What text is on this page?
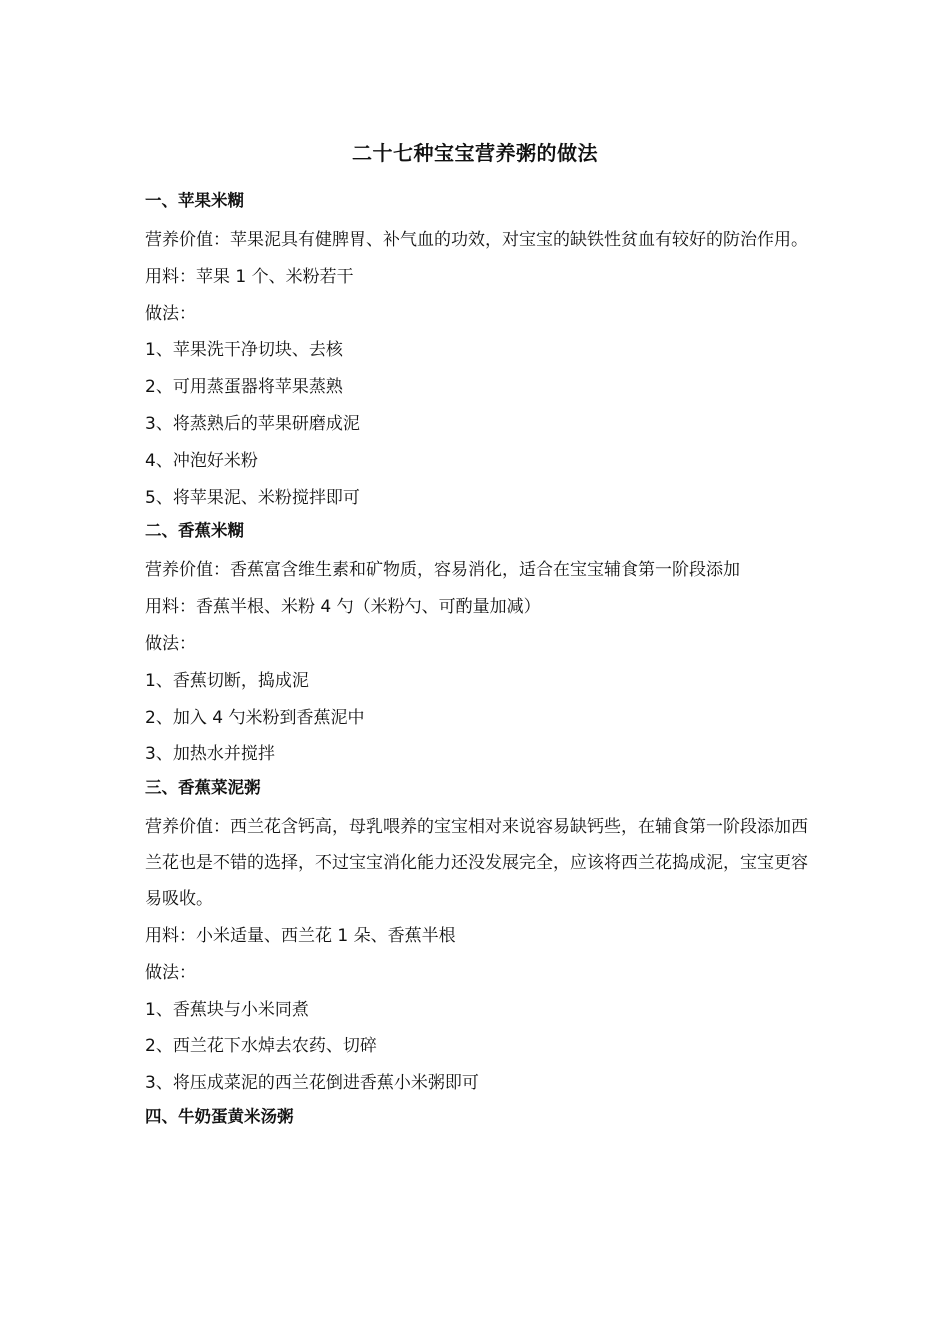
二十七种宝宝营养粥的做法
一、苹果米糊

营养价值：苹果泥具有健脾胃、补气血的功效，对宝宝的缺铁性贫血有较好的防治作用。

用料：苹果 1 个、米粉若干
做法：
1、苹果洗干净切块、去核
2、可用蒸蛋器将苹果蒸熟
3、将蒸熟后的苹果研磨成泥
4、冲泡好米粉
5、将苹果泥、米粉搅拌即可
二、香蕉米糊

营养价值：香蕉富含维生素和矿物质，容易消化，适合在宝宝辅食第一阶段添加

用料：香蕉半根、米粉 4 勺（米粉勺、可酌量加减）
做法：
1、香蕉切断，捣成泥
2、加入 4 勺米粉到香蕉泥中
3、加热水并搅拌
三、香蕉菜泥粥

营养价值：西兰花含钙高，母乳喂养的宝宝相对来说容易缺钙些，在辅食第一阶段添加西兰花也是不错的选择，不过宝宝消化能力还没发展完全，应该将西兰花捣成泥，宝宝更容易吸收。

用料：小米适量、西兰花 1 朵、香蕉半根
做法：
1、香蕉块与小米同煮
2、西兰花下水焯去农药、切碎
3、将压成菜泥的西兰花倒进香蕉小米粥即可
四、牛奶蛋黄米汤粥
